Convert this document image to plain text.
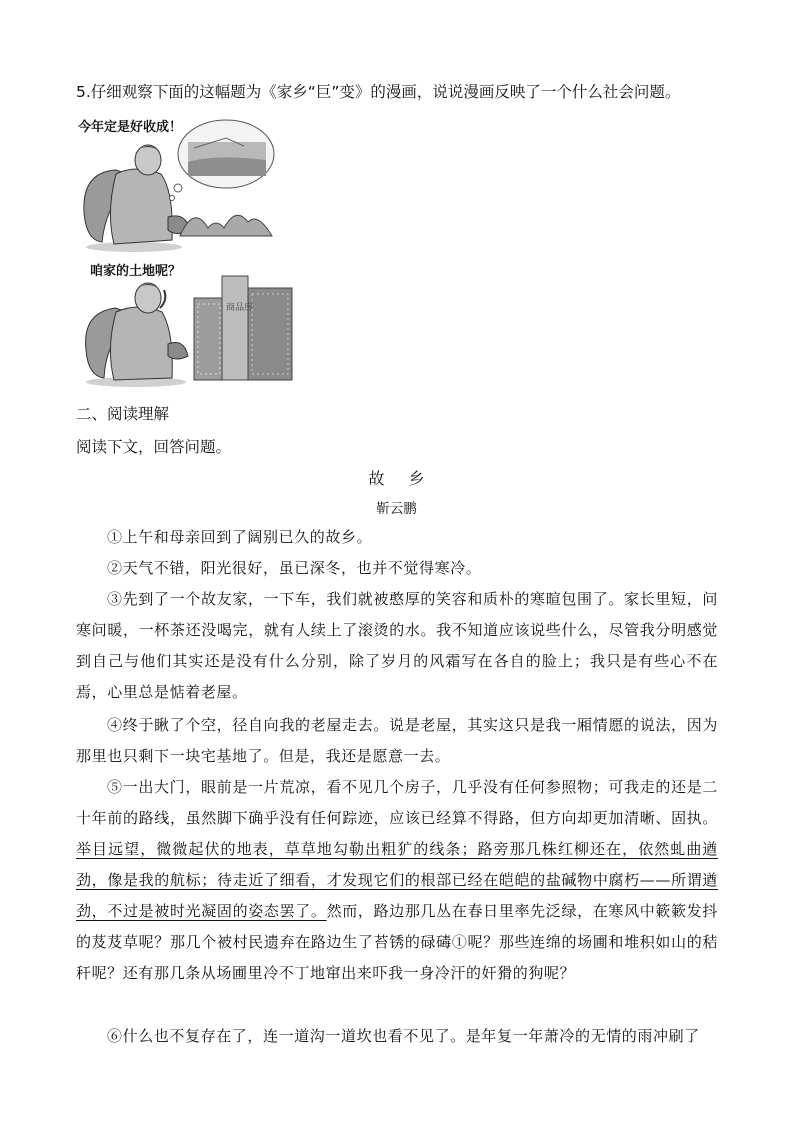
5.仔细观察下面的这幅题为《家乡“巨”变》的漫画，说说漫画反映了一个什么社会问题。
今年定是好收成！
咱家的土地呢？
商品房
二、阅读理解
阅读下文，回答问题。
故乡
靳云鹏
①上午和母亲回到了阔别已久的故乡。
②天气不错，阳光很好，虽已深冬，也并不觉得寒冷。
③先到了一个故友家，一下车，我们就被憨厚的笑容和质朴的寒暄包围了。家长里短，问寒问暖，一杯茶还没喝完，就有人续上了滚烫的水。我不知道应该说些什么，尽管我分明感觉到自己与他们其实还是没有什么分别，除了岁月的风霜写在各自的脸上；我只是有些心不在焉，心里总是惦着老屋。
④终于瞅了个空，径自向我的老屋走去。说是老屋，其实这只是我一厢情愿的说法，因为那里也只剩下一块宅基地了。但是，我还是愿意一去。
⑤一出大门，眼前是一片荒凉，看不见几个房子，几乎没有任何参照物；可我走的还是二十年前的路线，虽然脚下确乎没有任何踪迹，应该已经算不得路，但方向却更加清晰、固执。举目远望，微微起伏的地表，草草地勾勒出粗犷的线条；路旁那几株红柳还在，依然虬曲遒劲，像是我的航标；待走近了细看，才发现它们的根部已经在皑皑的盐碱物中腐朽——所谓遒劲，不过是被时光凝固的姿态罢了。然而，路边那几丛在春日里率先泛绿，在寒风中簌簌发抖的芨芨草呢？那几个被村民遗弃在路边生了苔锈的碌碡①呢？那些连绵的场圃和堆积如山的秸秆呢？还有那几条从场圃里冷不丁地窜出来吓我一身冷汗的奸猾的狗呢？
⑥什么也不复存在了，连一道沟一道坎也看不见了。是年复一年萧冷的无情的雨冲刷了
